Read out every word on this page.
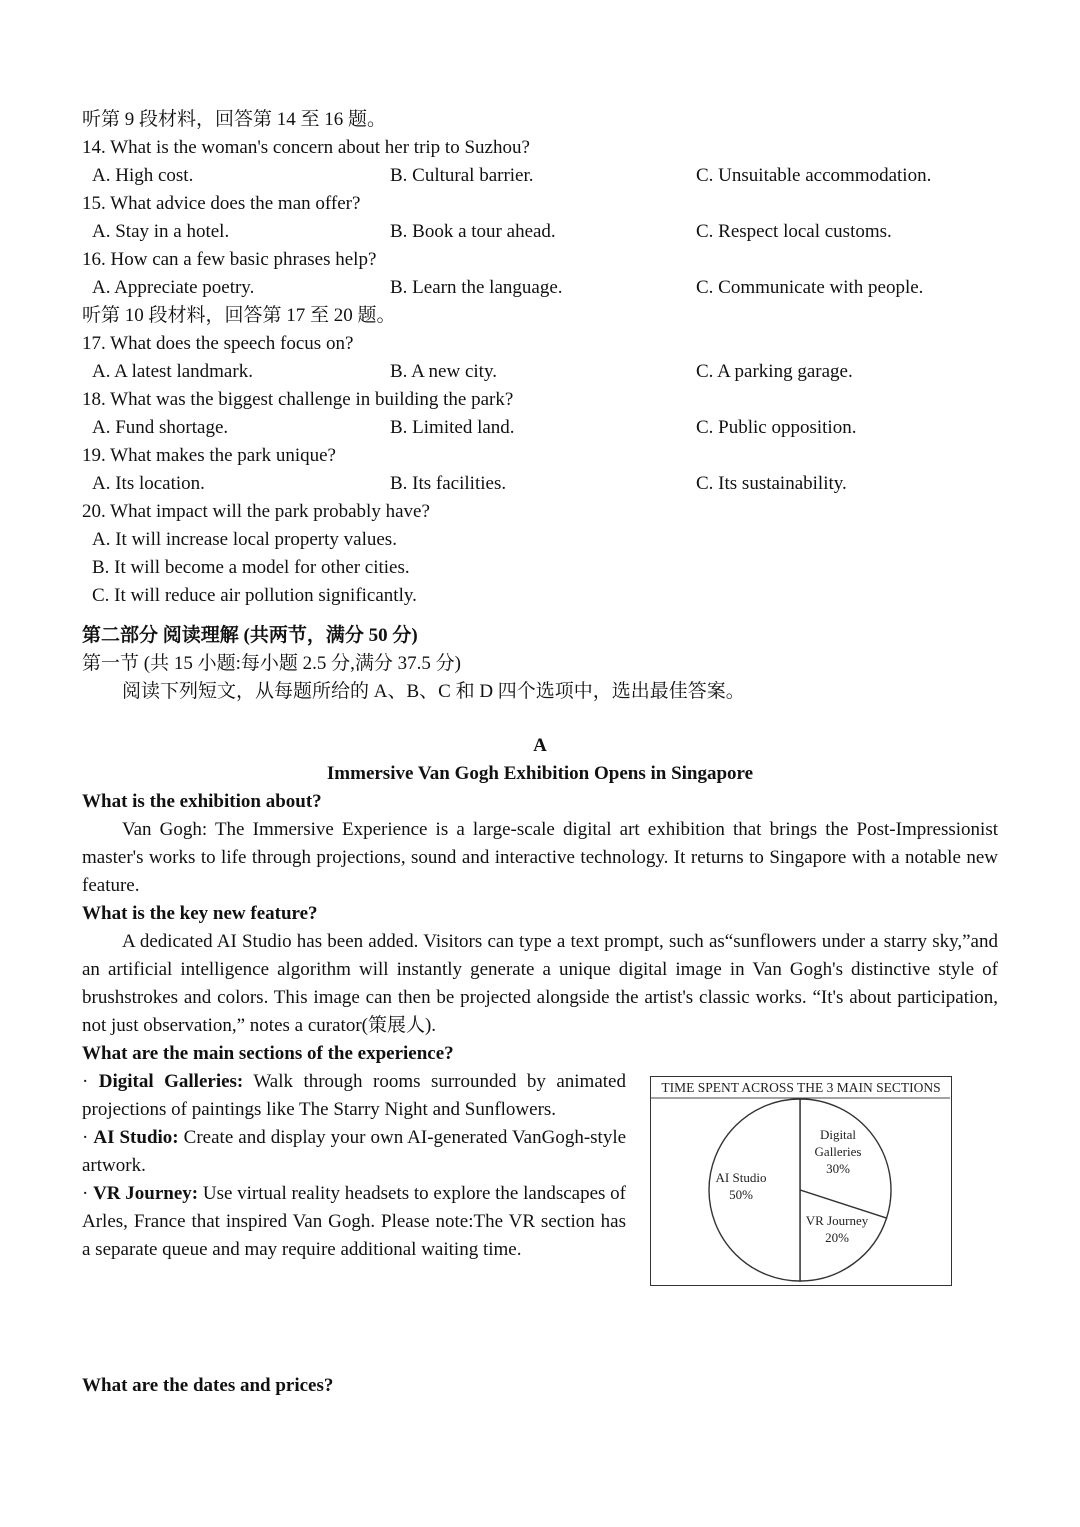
听第 9 段材料，回答第 14 至 16 题。
14. What is the woman's concern about her trip to Suzhou?
A. High cost.	B. Cultural barrier.	C. Unsuitable accommodation.
15. What advice does the man offer?
A. Stay in a hotel.	B. Book a tour ahead.	C. Respect local customs.
16. How can a few basic phrases help?
A. Appreciate poetry.	B. Learn the language.	C. Communicate with people.
听第 10 段材料，回答第 17 至 20 题。
17. What does the speech focus on?
A. A latest landmark.	B. A new city.	C. A parking garage.
18. What was the biggest challenge in building the park?
A. Fund shortage.	B. Limited land.	C. Public opposition.
19. What makes the park unique?
A. Its location.	B. Its facilities.	C. Its sustainability.
20. What impact will the park probably have?
A. It will increase local property values.
B. It will become a model for other cities.
C. It will reduce air pollution significantly.
第二部分 阅读理解 (共两节，满分 50 分)
第一节 (共 15 小题:每小题 2.5 分,满分 37.5 分)
阅读下列短文，从每题所给的 A、B、C 和 D 四个选项中，选出最佳答案。
A
Immersive Van Gogh Exhibition Opens in Singapore
What is the exhibition about?

Van Gogh: The Immersive Experience is a large-scale digital art exhibition that brings the Post-Impressionist master's works to life through projections, sound and interactive technology. It returns to Singapore with a notable new feature.

What is the key new feature?

A dedicated AI Studio has been added. Visitors can type a text prompt, such as“sunflowers under a starry sky,”and an artificial intelligence algorithm will instantly generate a unique digital image in Van Gogh's distinctive style of brushstrokes and colors. This image can then be projected alongside the artist's classic works. “It's about participation, not just observation,” notes a curator(策展人).

What are the main sections of the experience?

· Digital Galleries: Walk through rooms surrounded by animated projections of paintings like The Starry Night and Sunflowers.

· AI Studio: Create and display your own AI-generated VanGogh-style artwork.

· VR Journey: Use virtual reality headsets to explore the landscapes of Arles, France that inspired Van Gogh. Please note:The VR section has a separate queue and may require additional waiting time.

TIME SPENT ACROSS THE 3 MAIN SECTIONS
Digital
Galleries
30%
VR Journey
20%
AI Studio
50%
What are the dates and prices?
